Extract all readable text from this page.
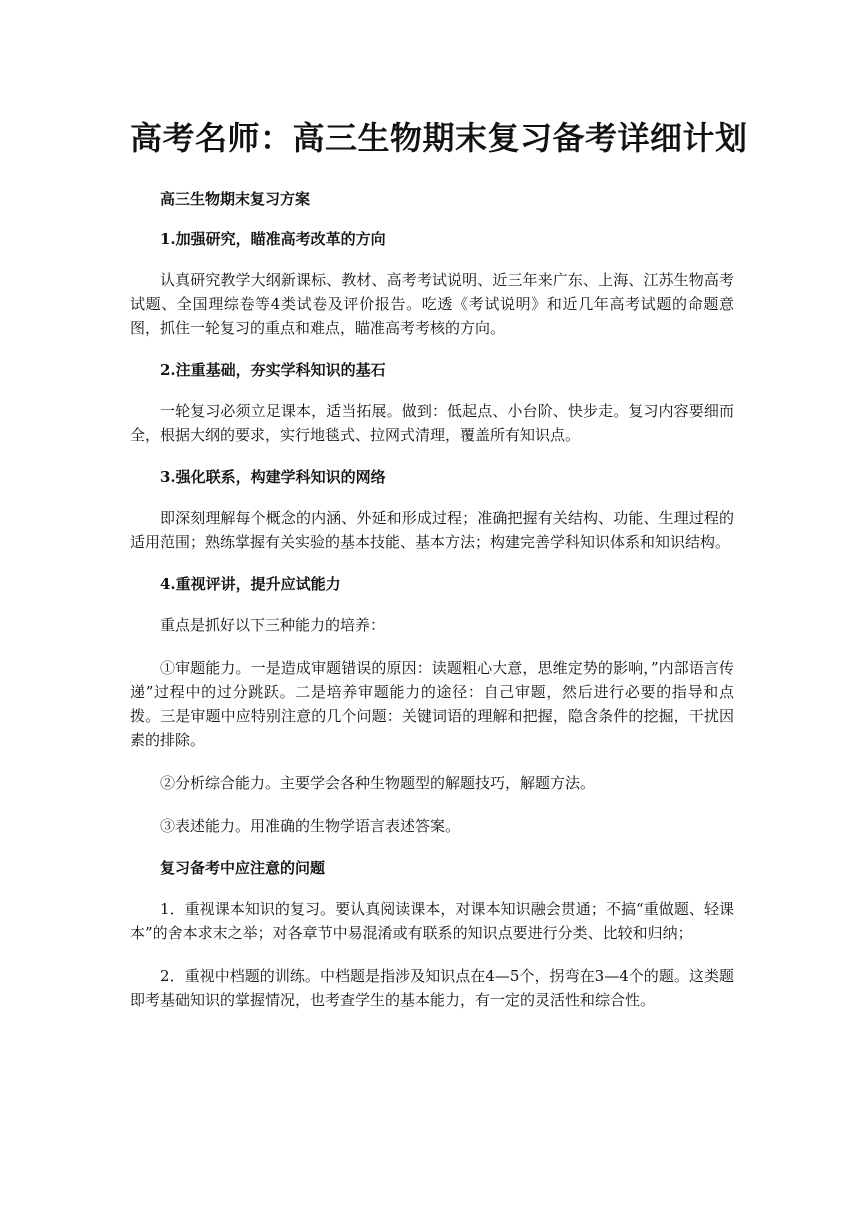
高考名师：高三生物期末复习备考详细计划
高三生物期末复习方案
1.加强研究，瞄准高考改革的方向

认真研究教学大纲新课标、教材、高考考试说明、近三年来广东、上海、江苏生物高考试题、全国理综卷等4类试卷及评价报告。吃透《考试说明》和近几年高考试题的命题意图，抓住一轮复习的重点和难点，瞄准高考考核的方向。

2.注重基础，夯实学科知识的基石

一轮复习必须立足课本，适当拓展。做到：低起点、小台阶、快步走。复习内容要细而全，根据大纲的要求，实行地毯式、拉网式清理，覆盖所有知识点。

3.强化联系，构建学科知识的网络

即深刻理解每个概念的内涵、外延和形成过程；准确把握有关结构、功能、生理过程的适用范围；熟练掌握有关实验的基本技能、基本方法；构建完善学科知识体系和知识结构。

4.重视评讲，提升应试能力

重点是抓好以下三种能力的培养：

①审题能力。一是造成审题错误的原因：读题粗心大意，思维定势的影响，”内部语言传递”过程中的过分跳跃。二是培养审题能力的途径：自己审题，然后进行必要的指导和点拨。三是审题中应特别注意的几个问题：关键词语的理解和把握，隐含条件的挖掘，干扰因素的排除。

②分析综合能力。主要学会各种生物题型的解题技巧，解题方法。

③表述能力。用准确的生物学语言表述答案。

复习备考中应注意的问题

1．重视课本知识的复习。要认真阅读课本，对课本知识融会贯通；不搞“重做题、轻课本”的舍本求末之举；对各章节中易混淆或有联系的知识点要进行分类、比较和归纳；

2．重视中档题的训练。中档题是指涉及知识点在4—5个，拐弯在3—4个的题。这类题即考基础知识的掌握情况，也考查学生的基本能力，有一定的灵活性和综合性。
